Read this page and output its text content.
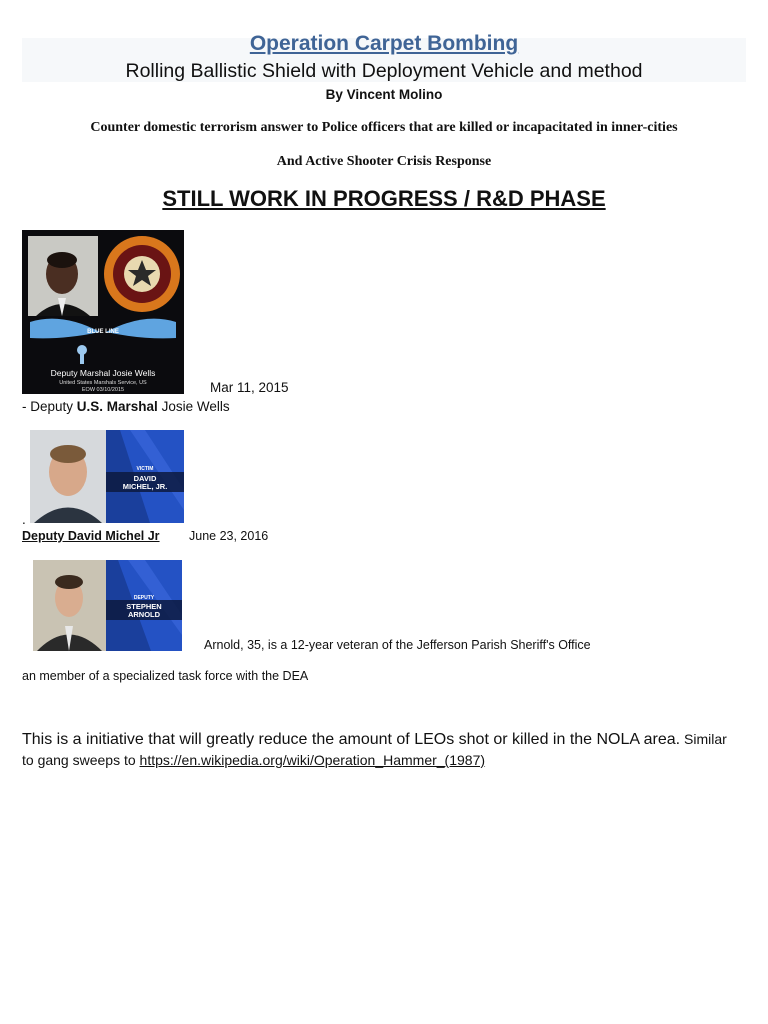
Operation Carpet Bombing
Rolling Ballistic Shield with Deployment Vehicle and method
By Vincent Molino
Counter domestic terrorism answer to Police officers that are killed or incapacitated in inner-cities
And Active Shooter Crisis Response
STILL WORK IN PROGRESS / R&D PHASE
BLUE LINE
Deputy Marshal Josie Wells
United States Marshals Service, US
EOW 03/10/2015	Mar 11, 2015
- Deputy U.S. Marshal Josie Wells
VICTIM
DAVID
MICHEL, JR.
.
Deputy David Michel Jr June 23, 2016
DEPUTY
STEPHEN
ARNOLD
Arnold, 35, is a 12-year veteran of the Jefferson Parish Sheriff's Office
an member of a specialized task force with the DEA
This is a initiative that will greatly reduce the amount of LEOs shot or killed in the NOLA area. Similar
to gang sweeps to https://en.wikipedia.org/wiki/Operation_Hammer_(1987)
